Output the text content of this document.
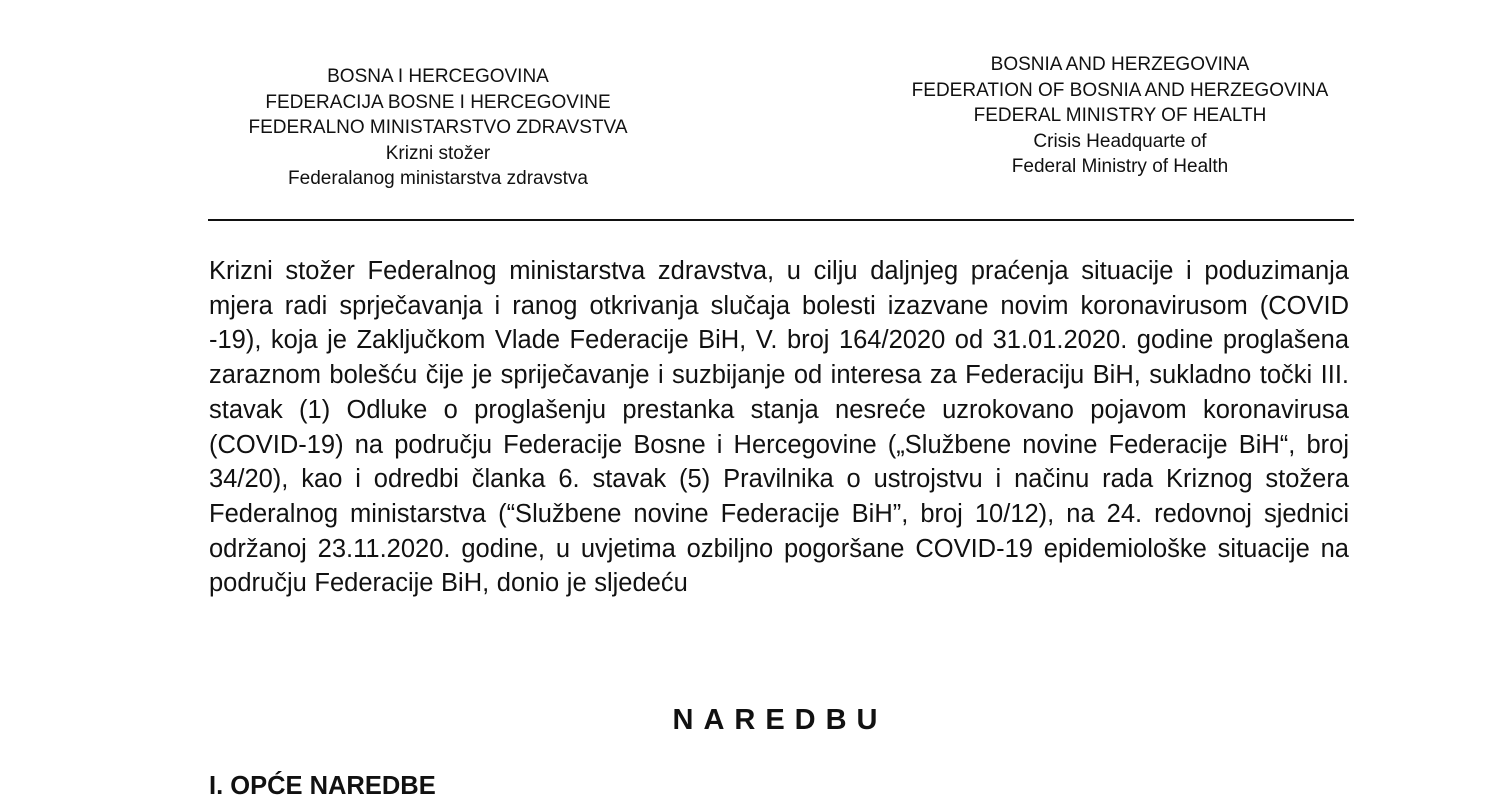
BOSNA I HERCEGOVINA
FEDERACIJA BOSNE I HERCEGOVINE
FEDERALNO MINISTARSTVO ZDRAVSTVA
Krizni stožer
Federalanog ministarstva zdravstva
BOSNIA AND HERZEGOVINA
FEDERATION OF BOSNIA AND HERZEGOVINA
FEDERAL MINISTRY OF HEALTH
Crisis Headquarte of
Federal Ministry of Health

Krizni stožer Federalnog ministarstva zdravstva, u cilju daljnjeg praćenja situacije i poduzimanja mjera radi sprječavanja i ranog otkrivanja slučaja bolesti izazvane novim koronavirusom (COVID -19), koja je Zaključkom Vlade Federacije BiH, V. broj 164/2020 od 31.01.2020. godine proglašena zaraznom bolešću čije je spriječavanje i suzbijanje od interesa za Federaciju BiH, sukladno točki III. stavak (1) Odluke o proglašenju prestanka stanja nesreće uzrokovano pojavom koronavirusa (COVID-19) na području Federacije Bosne i Hercegovine („Službene novine Federacije BiH“, broj 34/20), kao i odredbi članka 6. stavak (5) Pravilnika o ustrojstvu i načinu rada Kriznog stožera Federalnog ministarstva (“Službene novine Federacije BiH”, broj 10/12), na 24. redovnoj sjednici održanoj 23.11.2020. godine, u uvjetima ozbiljno pogoršane COVID-19 epidemiološke situacije na području Federacije BiH, donio je sljedeću

NAREDBU
I. OPĆE NAREDBE
